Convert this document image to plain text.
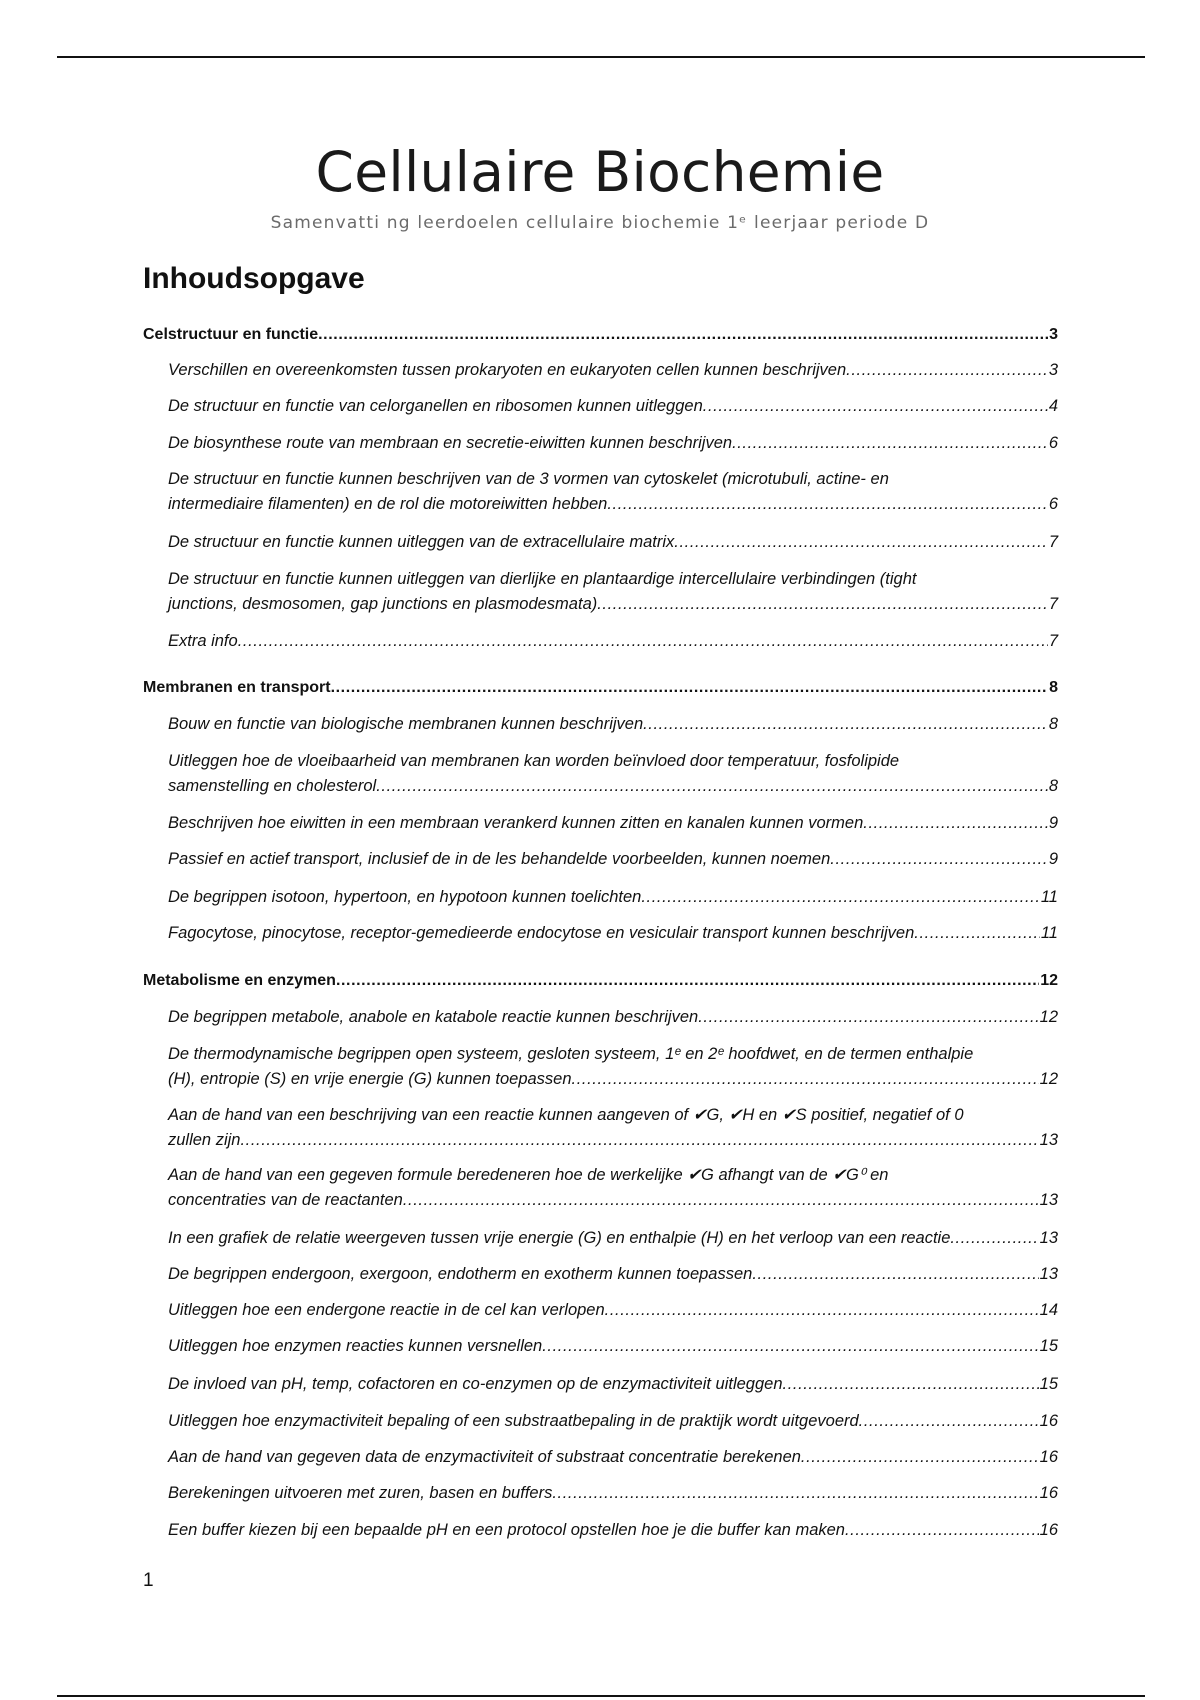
Cellulaire Biochemie
Samenvatti ng leerdoelen cellulaire biochemie 1ᵉ leerjaar periode D
Inhoudsopgave
Celstructuur en functie .....	3
Verschillen en overeenkomsten tussen prokaryoten en eukaryoten cellen kunnen beschrijven .....	3
De structuur en functie van celorganellen en ribosomen kunnen uitleggen .....	4
De biosynthese route van membraan en secretie-eiwitten kunnen beschrijven .....	6
De structuur en functie kunnen beschrijven van de 3 vormen van cytoskelet (microtubuli, actine- en
intermediaire filamenten) en de rol die motoreiwitten hebben .....	6
De structuur en functie kunnen uitleggen van de extracellulaire matrix .....	7
De structuur en functie kunnen uitleggen van dierlijke en plantaardige intercellulaire verbindingen (tight
junctions, desmosomen, gap junctions en plasmodesmata) .....	7
Extra info .....	7
Membranen en transport .....	8
Bouw en functie van biologische membranen kunnen beschrijven .....	8
Uitleggen hoe de vloeibaarheid van membranen kan worden beïnvloed door temperatuur, fosfolipide
samenstelling en cholesterol .....	8
Beschrijven hoe eiwitten in een membraan verankerd kunnen zitten en kanalen kunnen vormen .....	9
Passief en actief transport, inclusief de in de les behandelde voorbeelden, kunnen noemen .....	9
De begrippen isotoon, hypertoon, en hypotoon kunnen toelichten .....	11
Fagocytose, pinocytose, receptor-gemedieerde endocytose en vesiculair transport kunnen beschrijven .....	11
Metabolisme en enzymen .....	12
De begrippen metabole, anabole en katabole reactie kunnen beschrijven .....	12
De thermodynamische begrippen open systeem, gesloten systeem, 1ᵉ en 2ᵉ hoofdwet, en de termen enthalpie
(H), entropie (S) en vrije energie (G) kunnen toepassen .....	12
Aan de hand van een beschrijving van een reactie kunnen aangeven of ✔G, ✔H en ✔S positief, negatief of 0
zullen zijn .....	13
Aan de hand van een gegeven formule beredeneren hoe de werkelijke ✔G afhangt van de ✔G⁰ en
concentraties van de reactanten .....	13
In een grafiek de relatie weergeven tussen vrije energie (G) en enthalpie (H) en het verloop van een reactie .....	13
De begrippen endergoon, exergoon, endotherm en exotherm kunnen toepassen .....	13
Uitleggen hoe een endergone reactie in de cel kan verlopen .....	14
Uitleggen hoe enzymen reacties kunnen versnellen .....	15
De invloed van pH, temp, cofactoren en co-enzymen op de enzymactiviteit uitleggen .....	15
Uitleggen hoe enzymactiviteit bepaling of een substraatbepaling in de praktijk wordt uitgevoerd .....	16
Aan de hand van gegeven data de enzymactiviteit of substraat concentratie berekenen .....	16
Berekeningen uitvoeren met zuren, basen en buffers .....	16
Een buffer kiezen bij een bepaalde pH en een protocol opstellen hoe je die buffer kan maken .....	16
1
